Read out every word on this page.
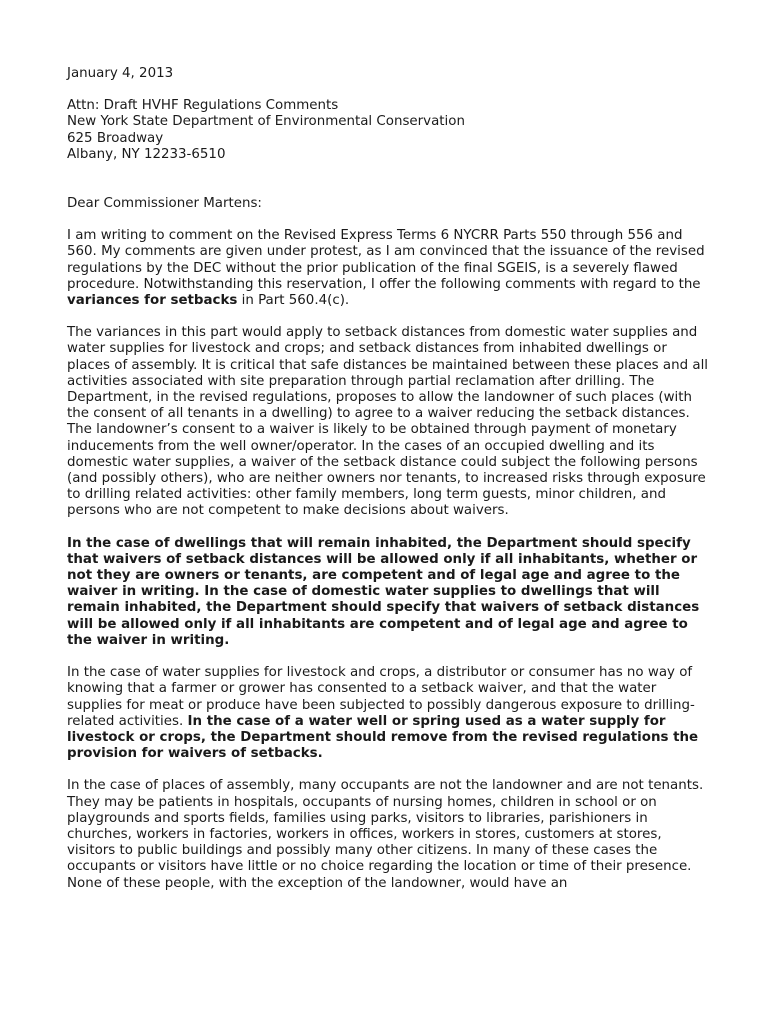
January 4, 2013

Attn: Draft HVHF Regulations Comments
New York State Department of Environmental Conservation
625 Broadway
Albany, NY 12233-6510

Dear Commissioner Martens:

I am writing to comment on the Revised Express Terms 6 NYCRR Parts 550 through 556 and 560. My comments are given under protest, as I am convinced that the issuance of the revised regulations by the DEC without the prior publication of the final SGEIS, is a severely flawed procedure. Notwithstanding this reservation, I offer the following comments with regard to the variances for setbacks in Part 560.4(c).

The variances in this part would apply to setback distances from domestic water supplies and water supplies for livestock and crops; and setback distances from inhabited dwellings or places of assembly. It is critical that safe distances be maintained between these places and all activities associated with site preparation through partial reclamation after drilling. The Department, in the revised regulations, proposes to allow the landowner of such places (with the consent of all tenants in a dwelling) to agree to a waiver reducing the setback distances. The landowner’s consent to a waiver is likely to be obtained through payment of monetary inducements from the well owner/operator. In the cases of an occupied dwelling and its domestic water supplies, a waiver of the setback distance could subject the following persons (and possibly others), who are neither owners nor tenants, to increased risks through exposure to drilling related activities: other family members, long term guests, minor children, and persons who are not competent to make decisions about waivers.

In the case of dwellings that will remain inhabited, the Department should specify that waivers of setback distances will be allowed only if all inhabitants, whether or not they are owners or tenants, are competent and of legal age and agree to the waiver in writing. In the case of domestic water supplies to dwellings that will remain inhabited, the Department should specify that waivers of setback distances will be allowed only if all inhabitants are competent and of legal age and agree to the waiver in writing.

In the case of water supplies for livestock and crops, a distributor or consumer has no way of knowing that a farmer or grower has consented to a setback waiver, and that the water supplies for meat or produce have been subjected to possibly dangerous exposure to drilling-related activities. In the case of a water well or spring used as a water supply for livestock or crops, the Department should remove from the revised regulations the provision for waivers of setbacks.

In the case of places of assembly, many occupants are not the landowner and are not tenants. They may be patients in hospitals, occupants of nursing homes, children in school or on playgrounds and sports fields, families using parks, visitors to libraries, parishioners in churches, workers in factories, workers in offices, workers in stores, customers at stores, visitors to public buildings and possibly many other citizens. In many of these cases the occupants or visitors have little or no choice regarding the location or time of their presence. None of these people, with the exception of the landowner, would have an
